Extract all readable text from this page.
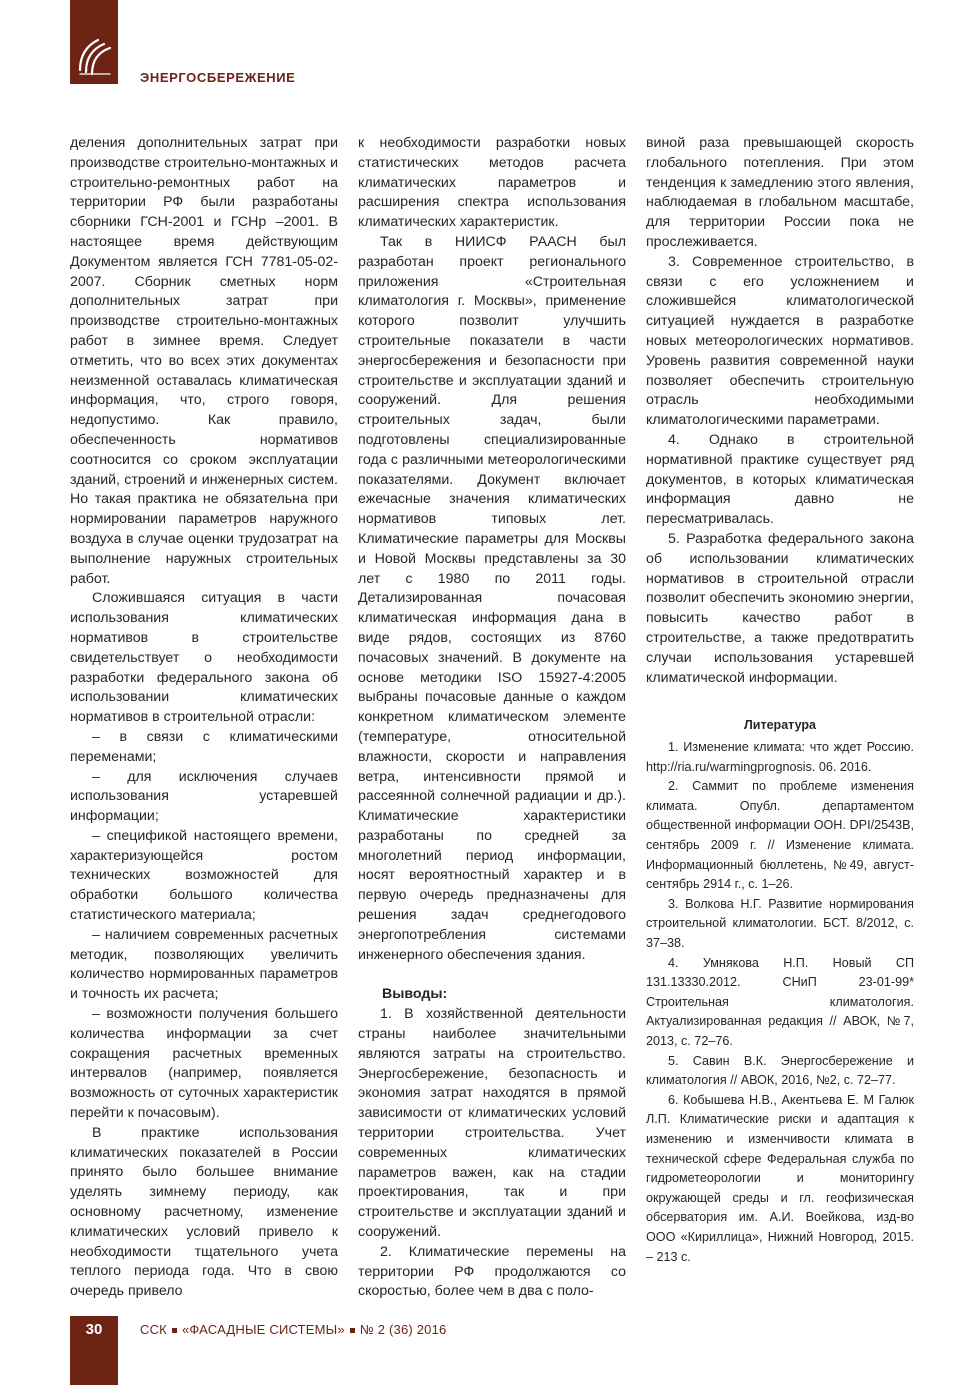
ЭНЕРГОСБЕРЕЖЕНИЕ

деления дополнительных затрат при производстве строительно-монтажных и строительно-ремонтных работ на территории РФ были разработаны сборники ГСН-2001 и ГСНр –2001. В настоящее время действующим Документом является ГСН 7781-05-02-2007. Сборник сметных норм дополнительных затрат при производстве строительно-монтажных работ в зимнее время. Следует отметить, что во всех этих документах неизменной оставалась климатическая информация, что, строго говоря, недопустимо. Как правило, обеспеченность нормативов соотносится со сроком эксплуатации зданий, строений и инженерных систем. Но такая практика не обязательна при нормировании параметров наружного воздуха в случае оценки трудозатрат на выполнение наружных строительных работ.

Сложившаяся ситуация в части использования климатических нормативов в строительстве свидетельствует о необходимости разработки федерального закона об использовании климатических нормативов в строительной отрасли:

– в связи с климатическими переменами;

– для исключения случаев использования устаревшей информации;

– спецификой настоящего времени, характеризующейся ростом технических возможностей для обработки большого количества статистического материала;

– наличием современных расчетных методик, позволяющих увеличить количество нормированных параметров и точность их расчета;

– возможности получения большего количества информации за счет сокращения расчетных временных интервалов (например, появляется возможность от суточных характеристик перейти к почасовым).

В практике использования климатических показателей в России принято было большее внимание уделять зимнему периоду, как основному расчетному, изменение климатических условий привело к необходимости тщательного учета теплого периода года. Что в свою очередь привело

к необходимости разработки новых статистических методов расчета климатических параметров и расширения спектра использования климатических характеристик.

Так в НИИСФ РААСН был разработан проект регионального приложения «Строительная климатология г. Москвы», применение которого позволит улучшить строительные показатели в части энергосбережения и безопасности при строительстве и эксплуатации зданий и сооружений. Для решения строительных задач, были подготовлены специализированные года с различными метеорологическими показателями. Документ включает ежечасные значения климатических нормативов типовых лет. Климатические параметры для Москвы и Новой Москвы представлены за 30 лет с 1980 по 2011 годы. Детализированная почасовая климатическая информация дана в виде рядов, состоящих из 8760 почасовых значений. В документе на основе методики ISO 15927-4:2005 выбраны почасовые данные о каждом конкретном климатическом элементе (температуре, относительной влажности, скорости и направления ветра, интенсивности прямой и рассеянной солнечной радиации и др.). Климатические характеристики разработаны по средней за многолетний период информации, носят вероятностный характер и в первую очередь предназначены для решения задач среднегодового энергопотребления системами инженерного обеспечения здания.

Выводы:

1. В хозяйственной деятельности страны наиболее значительными являются затраты на строительство. Энергосбережение, безопасность и экономия затрат находятся в прямой зависимости от климатических условий территории строительства. Учет современных климатических параметров важен, как на стадии проектирования, так и при строительстве и эксплуатации зданий и сооружений.

2. Климатические перемены на территории РФ продолжаются со скоростью, более чем в два с поло-

виной раза превышающей скорость глобального потепления. При этом тенденция к замедлению этого явления, наблюдаемая в глобальном масштабе, для территории России пока не прослеживается.

3. Современное строительство, в связи с его усложнением и сложившейся климатологической ситуацией нуждается в разработке новых метеорологических нормативов. Уровень развития современной науки позволяет обеспечить строительную отрасль необходимыми климатологическими параметрами.

4. Однако в строительной нормативной практике существует ряд документов, в которых климатическая информация давно не пересматривалась.

5. Разработка федерального закона об использовании климатических нормативов в строительной отрасли позволит обеспечить экономию энергии, повысить качество работ в строительстве, а также предотвратить случаи использования устаревшей климатической информации.

Литература

1. Изменение климата: что ждет Россию. http://ria.ru/warmingprognosis. 06. 2016.

2. Саммит по проблеме изменения климата. Опубл. департаментом общественной информации ООН. DPI/2543В, сентябрь 2009 г. // Изменение климата. Информационный бюллетень, №49, август-сентябрь 2914 г., с. 1–26.

3. Волкова Н.Г. Развитие нормирования строительной климатологии. БСТ. 8/2012, с. 37–38.

4. Умнякова Н.П. Новый СП 131.13330.2012. СНиП 23-01-99* Строительная климатология. Актуализированная редакция // АВОК, №7, 2013, с. 72–76.

5. Савин В.К. Энергосбережение и климатология // АВОК, 2016, №2, с. 72–77.

6. Кобышева Н.В., Акентьева Е. М Галюк Л.П. Климатические риски и адаптация к изменению и изменчивости климата в технической сфере Федеральная служба по гидрометеорологии и мониторингу окружающей среды и гл. геофизическая обсерватория им. А.И. Воейкова, изд-во ООО «Кириллица», Нижний Новгород, 2015. – 213 с.

30	ССК «ФАСАДНЫЕ СИСТЕМЫ» № 2 (36) 2016
